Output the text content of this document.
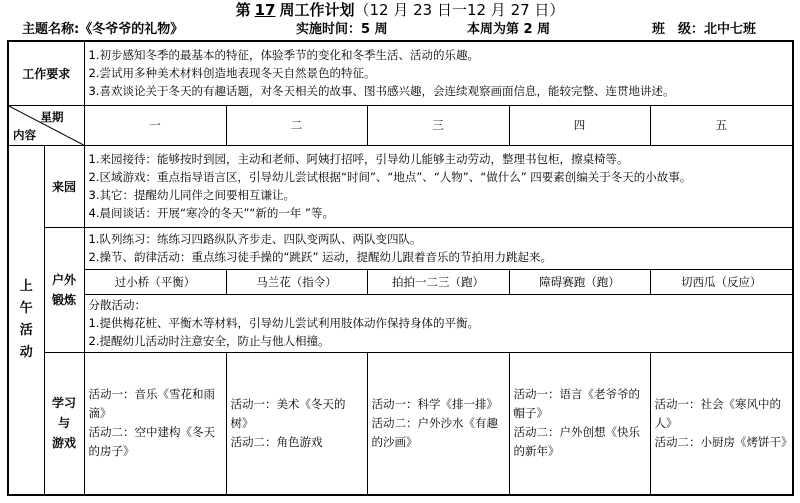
第 17 周工作计划（12 月 23 日一12 月 27 日）
主题名称:《冬爷爷的礼物》	实施时间：5 周	本周为第 2 周	班　级：北中七班
工作要求		1.初步感知冬季的最基本的特征，体验季节的变化和冬季生活、活动的乐趣。
2.尝试用多种美术材料创造地表现冬天自然景色的特征。
3.喜欢谈论关于冬天的有趣话题，对冬天相关的故事、图书感兴趣，会连续观察画面信息，能较完整、连贯地讲述。				

星期
内容		一	二	三	四	五

上
午
活
动	来园	1.来园接待：能够按时到园，主动和老师、阿姨打招呼，引导幼儿能够主动劳动，整理书包柜，擦桌椅等。
2.区域游戏：重点指导语言区，引导幼儿尝试根据“时间”、“地点”、“人物”、“做什么” 四要素创编关于冬天的小故事。
3.其它：提醒幼儿同伴之间要相互谦让。
4.晨间谈话：开展“寒冷的冬天”“新的一年 ”等。				

	户外
锻炼	1.队列练习：练练习四路纵队齐步走、四队变两队、两队变四队。
2.操节、韵律活动：重点练习徒手操的“跳跃” 运动，提醒幼儿跟着音乐的节拍用力跳起来。				

		过小桥（平衡）	马兰花（指令）	拍拍一二三（跑）	障碍赛跑（跑）	切西瓜（反应）

		分散活动：
1.提供梅花桩、平衡木等材料，引导幼儿尝试利用肢体动作保持身体的平衡。
2.提醒幼儿活动时注意安全，防止与他人相撞。				

	学习
与
游戏	活动一：音乐《雪花和雨
滴》
活动二：空中建构《冬天
的房子》	活动一：美术《冬天的树》
活动二：角色游戏	活动一：科学《排一排》
活动二：户外沙水《有趣
的沙画》	活动一：语言《老爷爷的
帽子》
活动二：户外创想《快乐
的新年》	活动一：社会《寒风中的
人》
活动二：小厨房《烤饼干》
